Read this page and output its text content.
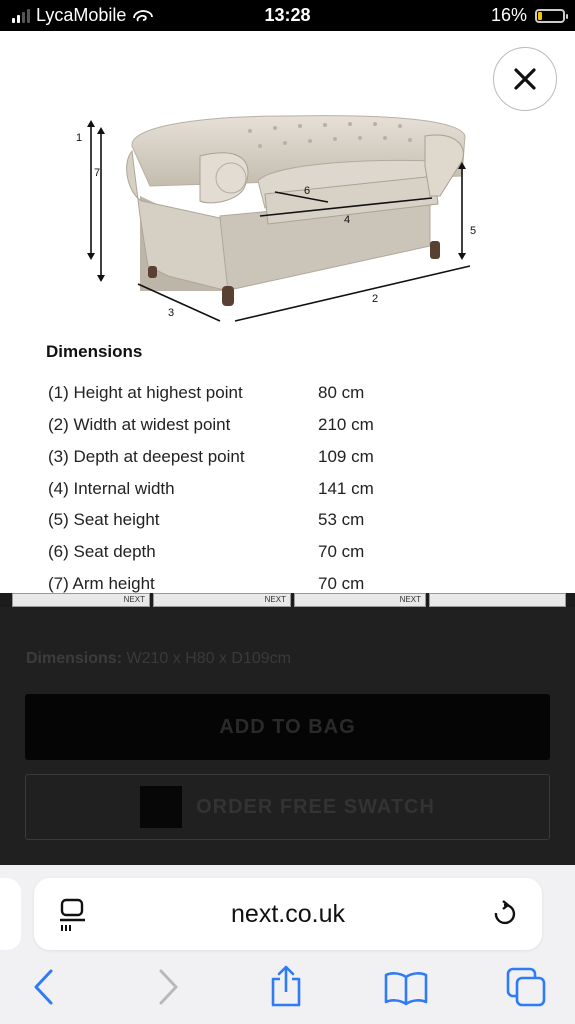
LycaMobile	13:28	16%
1
7
6
4
5
3
2
Dimensions
(1) Height at highest point	80 cm
(2) Width at widest point	210 cm
(3) Depth at deepest point	109 cm
(4) Internal width	141 cm
(5) Seat height	53 cm
(6) Seat depth	70 cm
(7) Arm height	70 cm
NEXT	NEXT	NEXT
Dimensions: W210 x H80 x D109cm
ADD TO BAG
ORDER FREE SWATCH
next.co.uk
